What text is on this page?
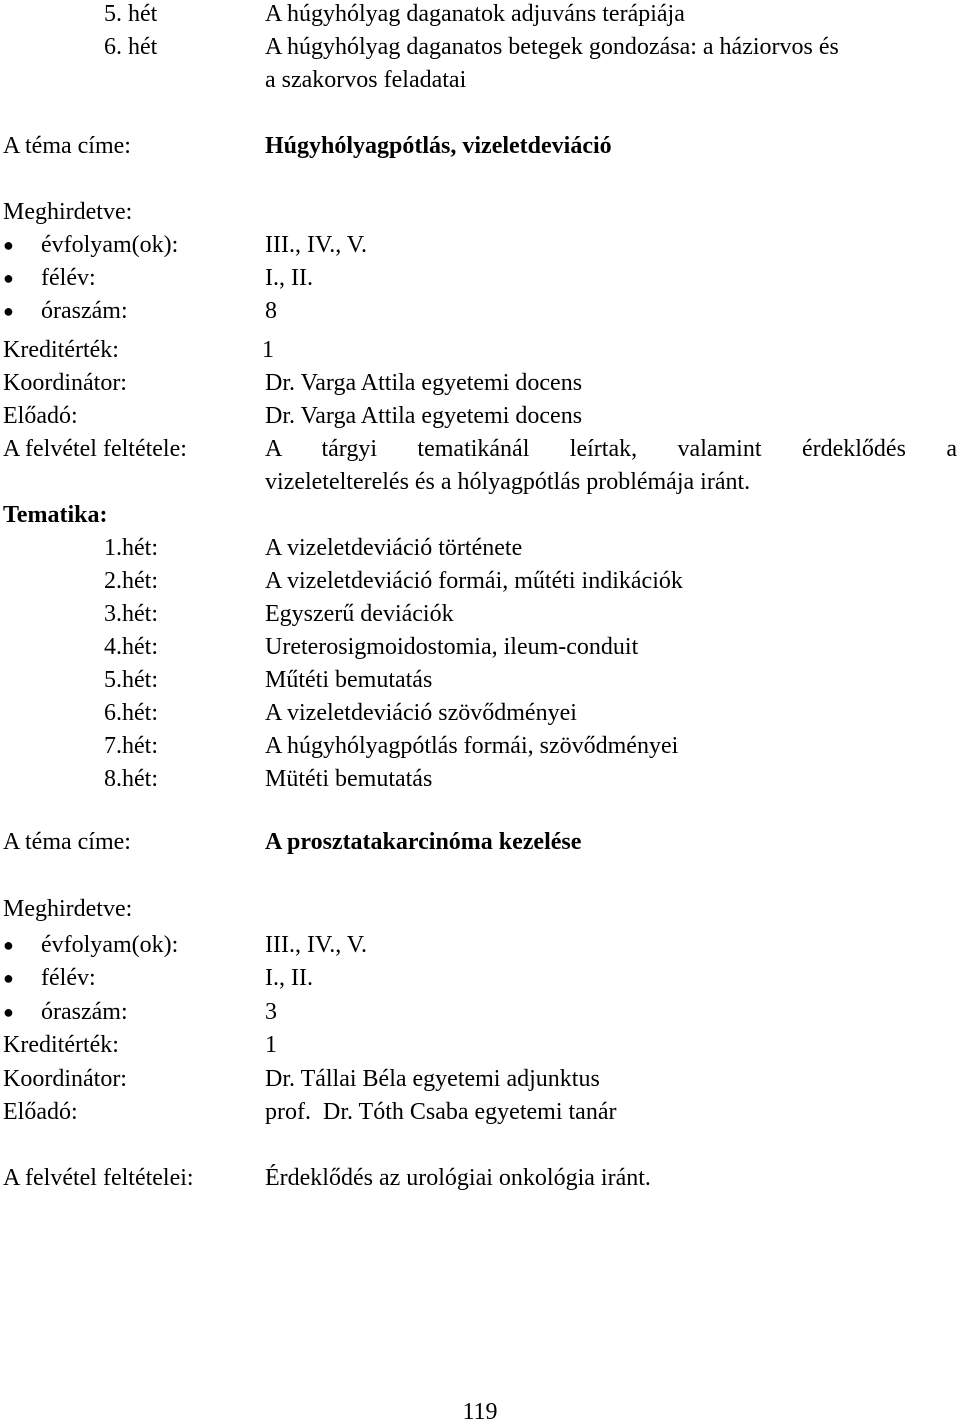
5. hét	A húgyhólyag daganatok adjuváns terápiája
6. hét	A húgyhólyag daganatos betegek gondozása: a háziorvos és
a szakorvos feladatai
A téma címe:	Húgyhólyagpótlás, vizeletdeviáció
Meghirdetve:
● évfolyam(ok):	III., IV., V.
● félév:	I., II.
● óraszám:	8
Kreditérték:	1
Koordinátor:	Dr. Varga Attila egyetemi docens
Előadó:	Dr. Varga Attila egyetemi docens
A felvétel feltétele:	A tárgyi tematikánál leírtak, valamint érdeklődés a
vizeletelterelés és a hólyagpótlás problémája iránt.
Tematika:
1.hét:	A vizeletdeviáció története
2.hét:	A vizeletdeviáció formái, műtéti indikációk
3.hét:	Egyszerű deviációk
4.hét:	Ureterosigmoidostomia, ileum-conduit
5.hét:	Műtéti bemutatás
6.hét:	A vizeletdeviáció szövődményei
7.hét:	A húgyhólyagpótlás formái, szövődményei
8.hét:	Mütéti bemutatás
A téma címe:	A prosztatakarcinóma kezelése
Meghirdetve:
● évfolyam(ok):	III., IV., V.
● félév:	I., II.
● óraszám:	3
Kreditérték:	1
Koordinátor:	Dr. Tállai Béla egyetemi adjunktus
Előadó:	prof.  Dr. Tóth Csaba egyetemi tanár
A felvétel feltételei:	Érdeklődés az urológiai onkológia iránt.
119
